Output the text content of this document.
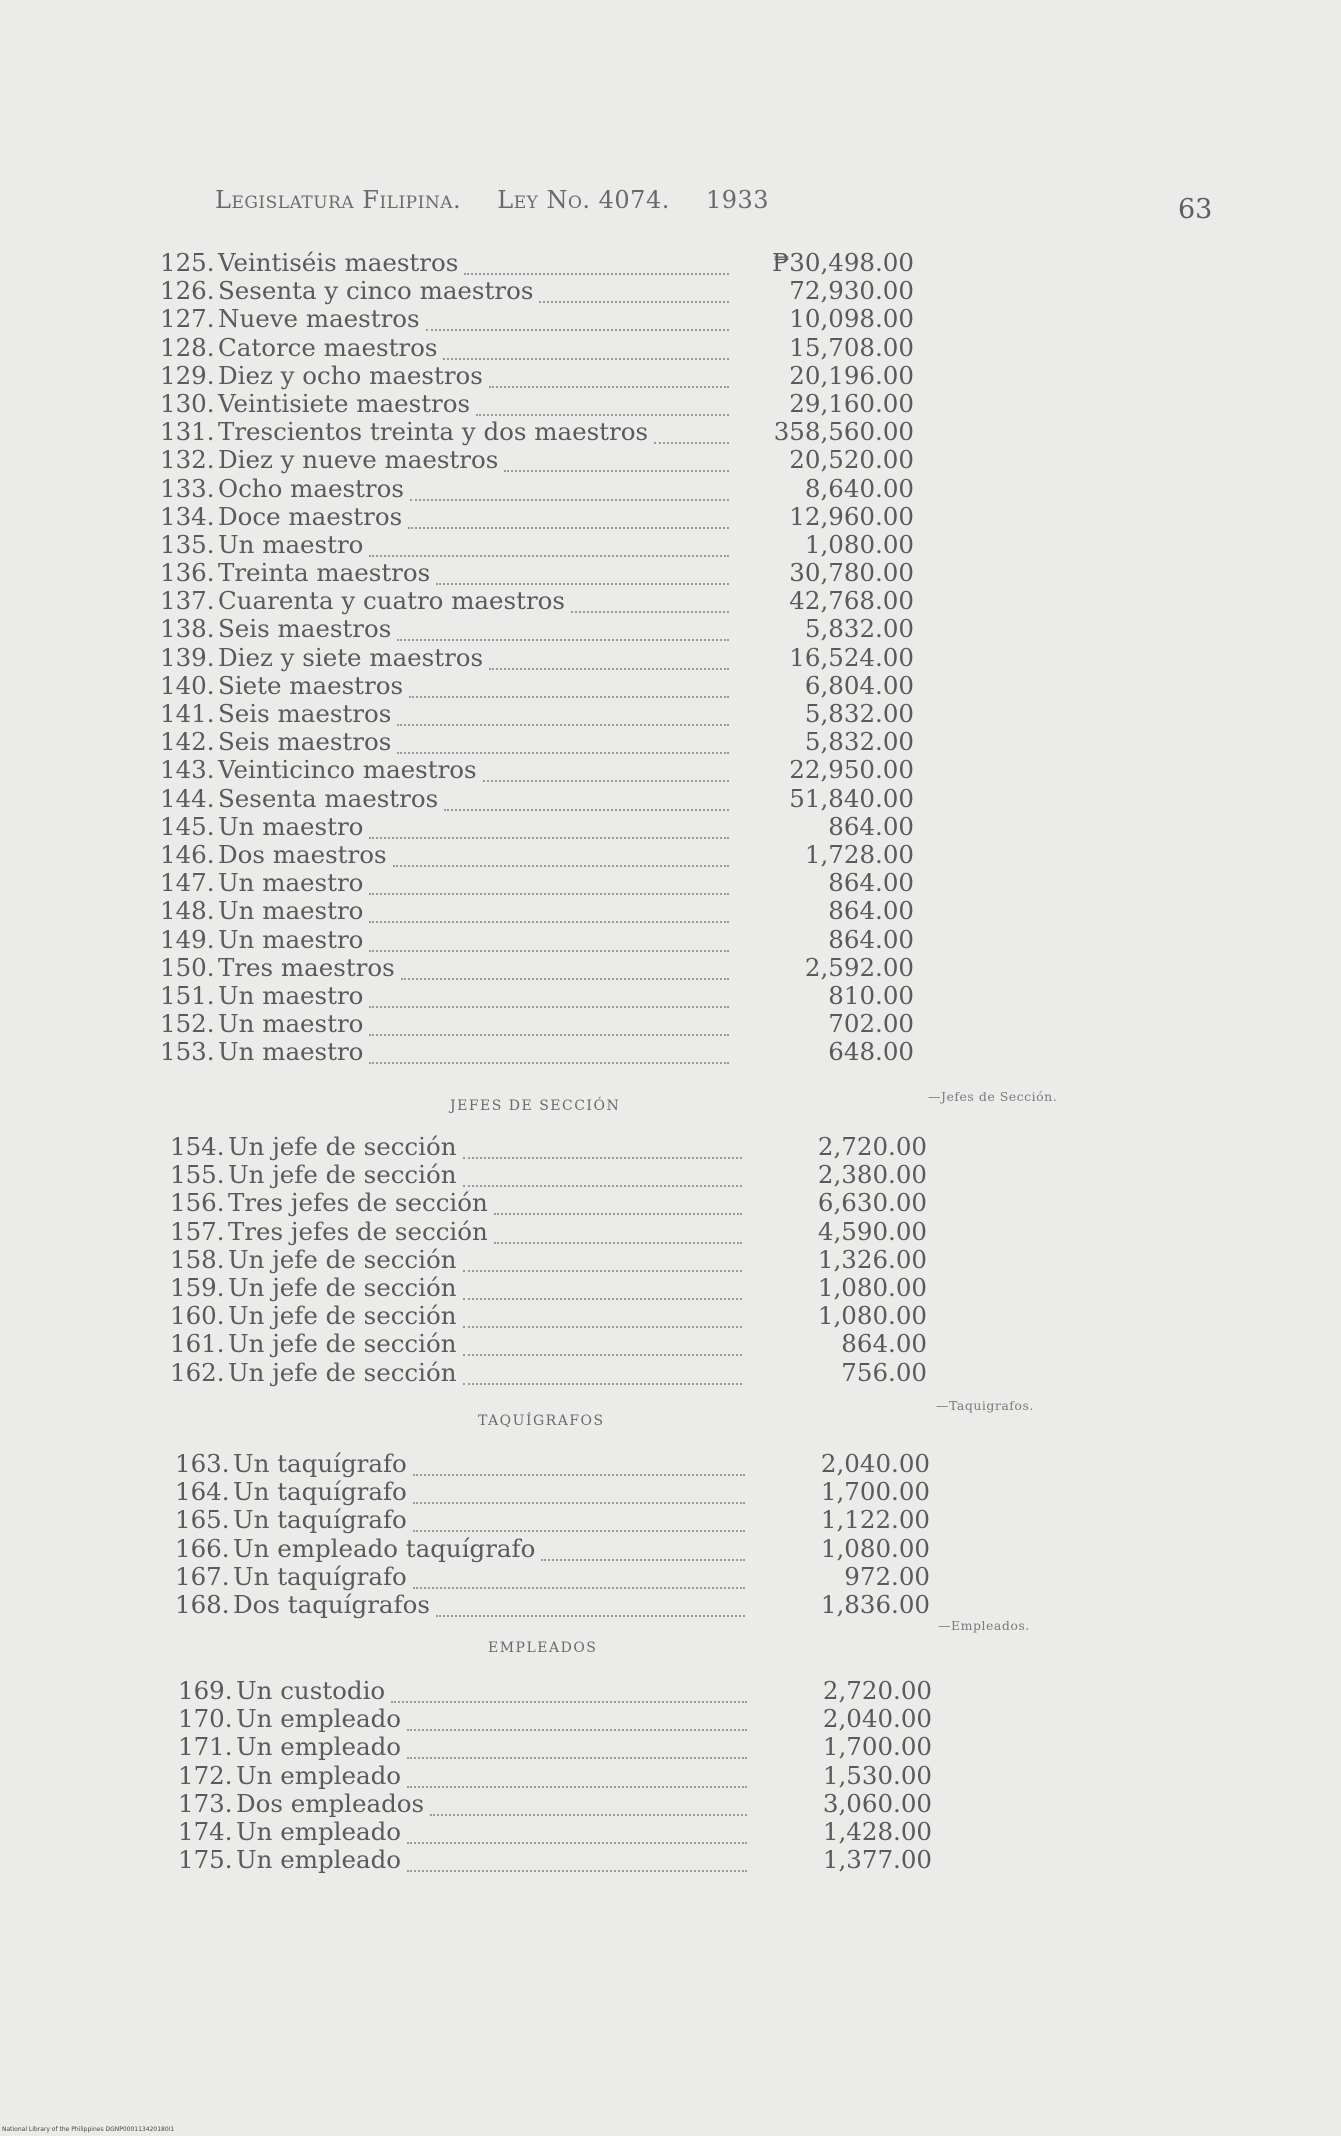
Legislatura Filipina. Ley No. 4074. 1933	63
125. Veintiséis maestros	₱30,498.00
126. Sesenta y cinco maestros	72,930.00
127. Nueve maestros	10,098.00
128. Catorce maestros	15,708.00
129. Diez y ocho maestros	20,196.00
130. Veintisiete maestros	29,160.00
131. Trescientos treinta y dos maestros	358,560.00
132. Diez y nueve maestros	20,520.00
133. Ocho maestros	8,640.00
134. Doce maestros	12,960.00
135. Un maestro	1,080.00
136. Treinta maestros	30,780.00
137. Cuarenta y cuatro maestros	42,768.00
138. Seis maestros	5,832.00
139. Diez y siete maestros	16,524.00
140. Siete maestros	6,804.00
141. Seis maestros	5,832.00
142. Seis maestros	5,832.00
143. Veinticinco maestros	22,950.00
144. Sesenta maestros	51,840.00
145. Un maestro	864.00
146. Dos maestros	1,728.00
147. Un maestro	864.00
148. Un maestro	864.00
149. Un maestro	864.00
150. Tres maestros	2,592.00
151. Un maestro	810.00
152. Un maestro	702.00
153. Un maestro	648.00
JEFES DE SECCIÓN
—Jefes de Sección.
154. Un jefe de sección	2,720.00
155. Un jefe de sección	2,380.00
156. Tres jefes de sección	6,630.00
157. Tres jefes de sección	4,590.00
158. Un jefe de sección	1,326.00
159. Un jefe de sección	1,080.00
160. Un jefe de sección	1,080.00
161. Un jefe de sección	864.00
162. Un jefe de sección	756.00
TAQUÍGRAFOS
—Taquigrafos.
163. Un taquígrafo	2,040.00
164. Un taquígrafo	1,700.00
165. Un taquígrafo	1,122.00
166. Un empleado taquígrafo	1,080.00
167. Un taquígrafo	972.00
168. Dos taquígrafos	1,836.00
EMPLEADOS
—Empleados.
169. Un custodio	2,720.00
170. Un empleado	2,040.00
171. Un empleado	1,700.00
172. Un empleado	1,530.00
173. Dos empleados	3,060.00
174. Un empleado	1,428.00
175. Un empleado	1,377.00
National Library of the Philippines DGNP000113420180I1
